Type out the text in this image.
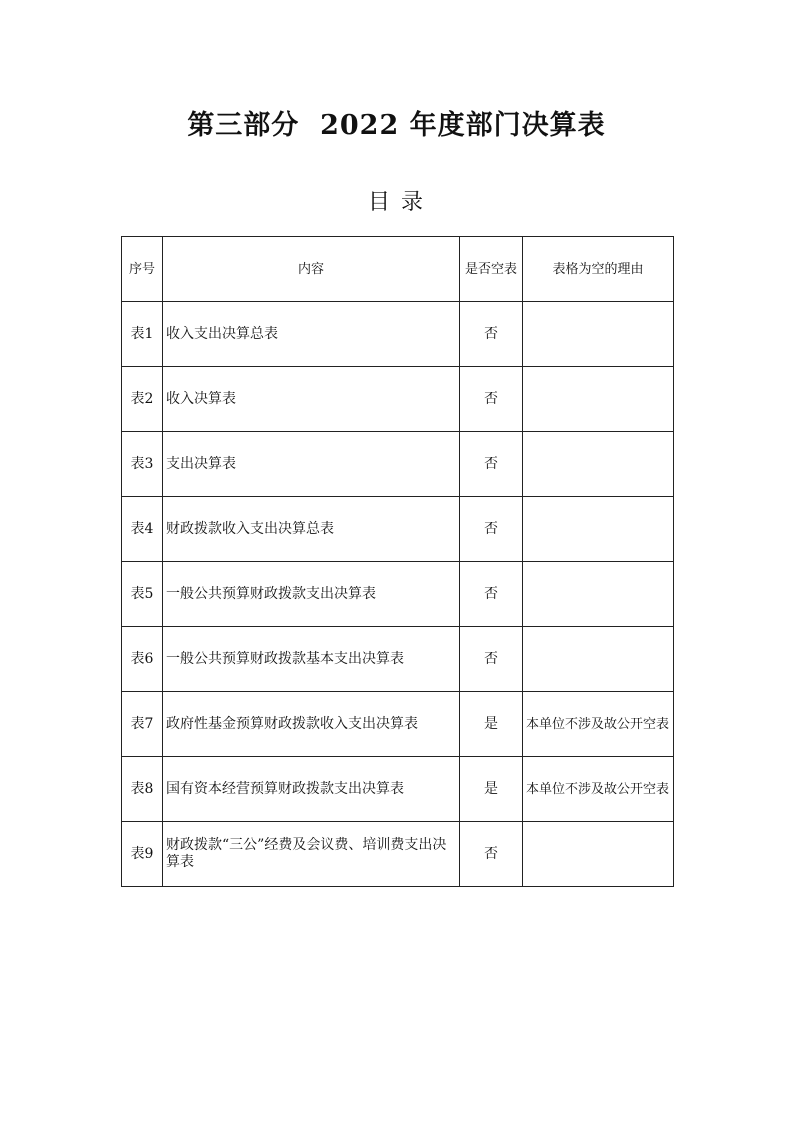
第三部分  2022 年度部门决算表
目 录
序号	内容	是否空表	表格为空的理由
表1	收入支出决算总表	否	
表2	收入决算表	否	
表3	支出决算表	否	
表4	财政拨款收入支出决算总表	否	
表5	一般公共预算财政拨款支出决算表	否	
表6	一般公共预算财政拨款基本支出决算表	否	
表7	政府性基金预算财政拨款收入支出决算表	是	本单位不涉及故公开空表
表8	国有资本经营预算财政拨款支出决算表	是	本单位不涉及故公开空表
表9	财政拨款“三公”经费及会议费、培训费支出决算表	否	
